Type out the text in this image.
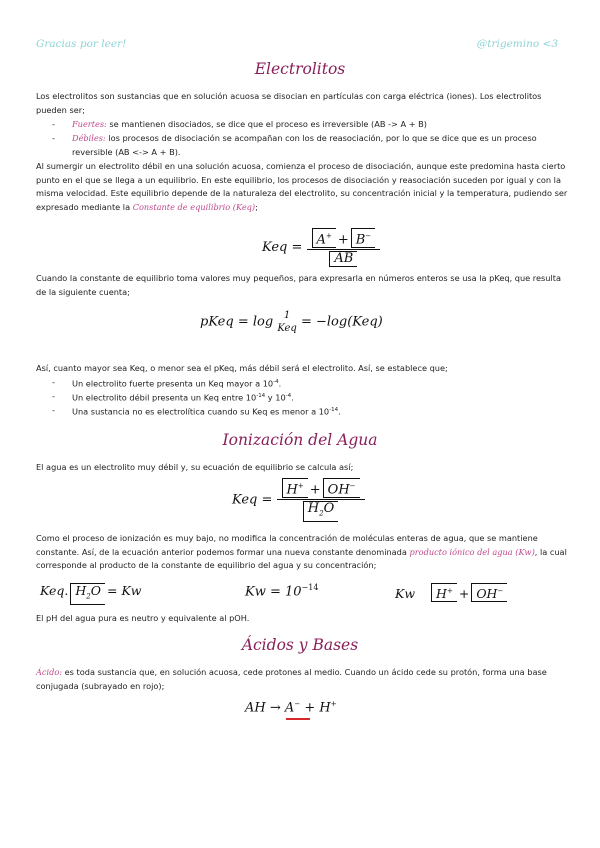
Gracias por leer!	@trigemino <3
Electrolitos
Los electrolitos son sustancias que en solución acuosa se disocian en partículas con carga eléctrica (iones). Los electrolitos pueden ser;
- Fuertes: se mantienen disociados, se dice que el proceso es irreversible (AB -> A + B)
- Débiles: los procesos de disociación se acompañan con los de reasociación, por lo que se dice que es un proceso reversible (AB <-> A + B).
Al sumergir un electrolito débil en una solución acuosa, comienza el proceso de disociación, aunque este predomina hasta cierto punto en el que se llega a un equilibrio. En este equilibrio, los procesos de disociación y reasociación suceden por igual y con la misma velocidad. Este equilibrio depende de la naturaleza del electrolito, su concentración inicial y la temperatura, pudiendo ser expresado mediante la Constante de equilibrio (Keq);
Keq = $\frac{A^+ + B^-}{AB}$
Cuando la constante de equilibrio toma valores muy pequeños, para expresarla en números enteros se usa la pKeq, que resulta de la siguiente cuenta;
pKeq = log	1
Keq = −log(Keq)
Así, cuanto mayor sea Keq, o menor sea el pKeq, más débil será el electrolito. Así, se establece que;
- Un electrolito fuerte presenta un Keq mayor a $10^{-4}$.
- Un electrolito débil presenta un Keq entre $10^{-14}$ y $10^{-4}$.
- Una sustancia no es electrolítica cuando su Keq es menor a $10^{-14}$.
Ionización del Agua
El agua es un electrolito muy débil y, su ecuación de equilibrio se calcula así;
Keq = $\frac{H^+ + OH^-}{H_2O}$
Como el proceso de ionización es muy bajo, no modifica la concentración de moléculas enteras de agua, que se mantiene constante. Así, de la ecuación anterior podemos formar una nueva constante denominada producto iónico del agua (Kw), la cual corresponde al producto de la constante de equilibrio del agua y su concentración;
Keq. $H_2O = Kw$	$Kw = 10^{-14}$	Kw H+ + OH−
El pH del agua pura es neutro y equivalente al pOH.
Ácidos y Bases
Ácido: es toda sustancia que, en solución acuosa, cede protones al medio. Cuando un ácido cede su protón, forma una base conjugada (subrayado en rojo);
AH → A− + H+
